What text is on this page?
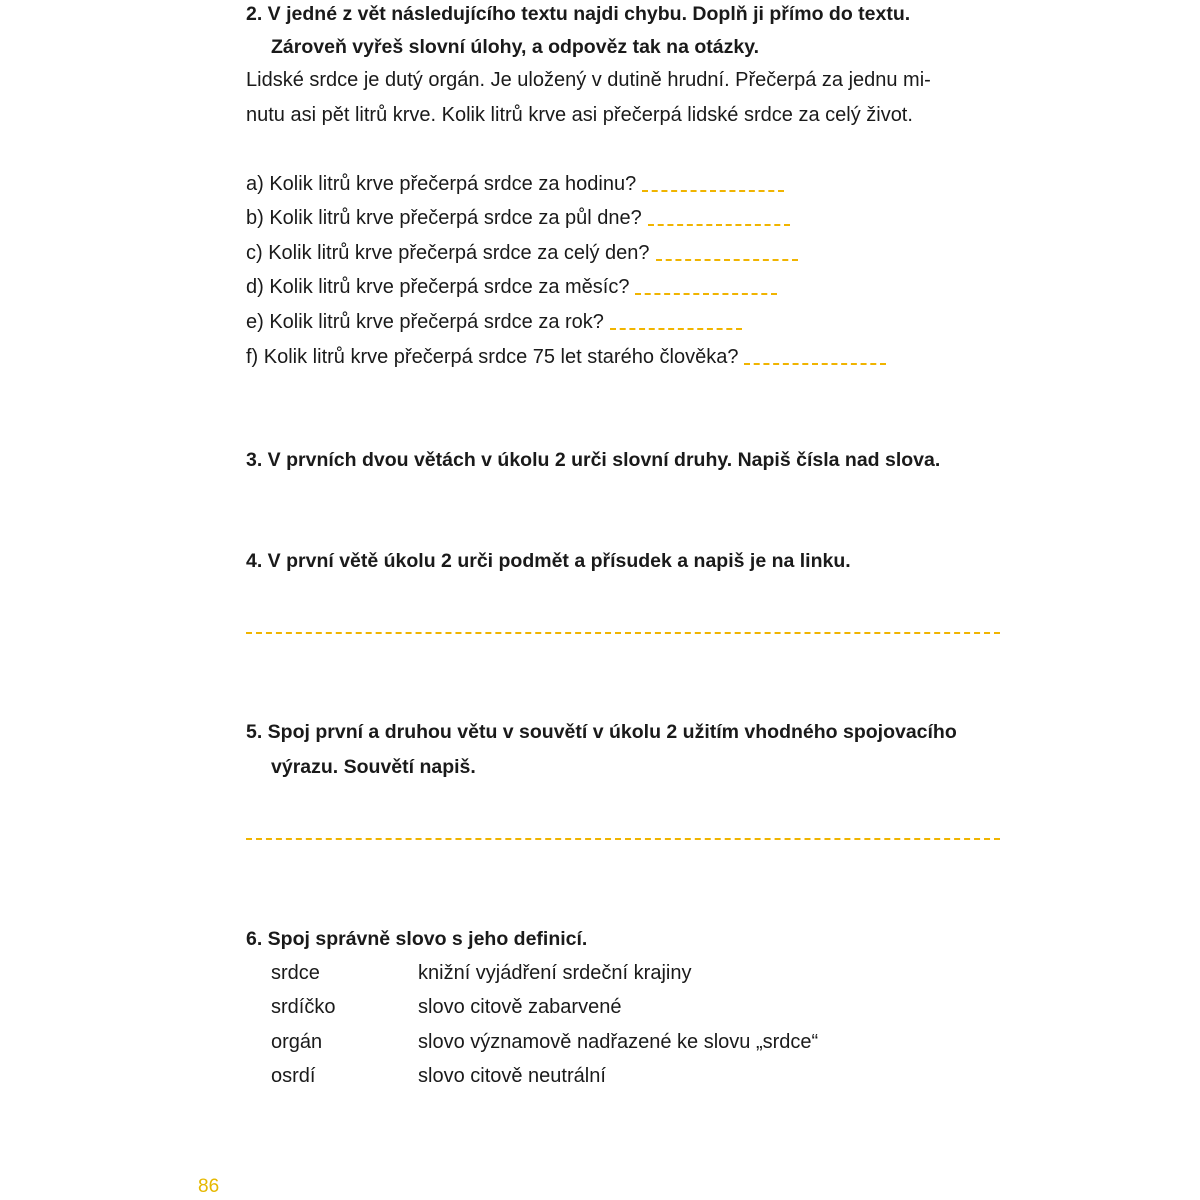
2. V jedné z vět následujícího textu najdi chybu. Doplň ji přímo do textu.
Zároveň vyřeš slovní úlohy, a odpověz tak na otázky.
Lidské srdce je dutý orgán. Je uložený v dutině hrudní. Přečerpá za jednu mi-
nutu asi pět litrů krve. Kolik litrů krve asi přečerpá lidské srdce za celý život.
a) Kolik litrů krve přečerpá srdce za hodinu?
b) Kolik litrů krve přečerpá srdce za půl dne?
c) Kolik litrů krve přečerpá srdce za celý den?
d) Kolik litrů krve přečerpá srdce za měsíc?
e) Kolik litrů krve přečerpá srdce za rok?
f) Kolik litrů krve přečerpá srdce 75 let starého člověka?
3. V prvních dvou větách v úkolu 2 urči slovní druhy. Napiš čísla nad slova.
4. V první větě úkolu 2 urči podmět a přísudek a napiš je na linku.
5. Spoj první a druhou větu v souvětí v úkolu 2 užitím vhodného spojovacího
výrazu. Souvětí napiš.
6. Spoj správně slovo s jeho definicí.
srdce	knižní vyjádření srdeční krajiny
srdíčko	slovo citově zabarvené
orgán	slovo významově nadřazené ke slovu „srdce“
osrdí	slovo citově neutrální
86
